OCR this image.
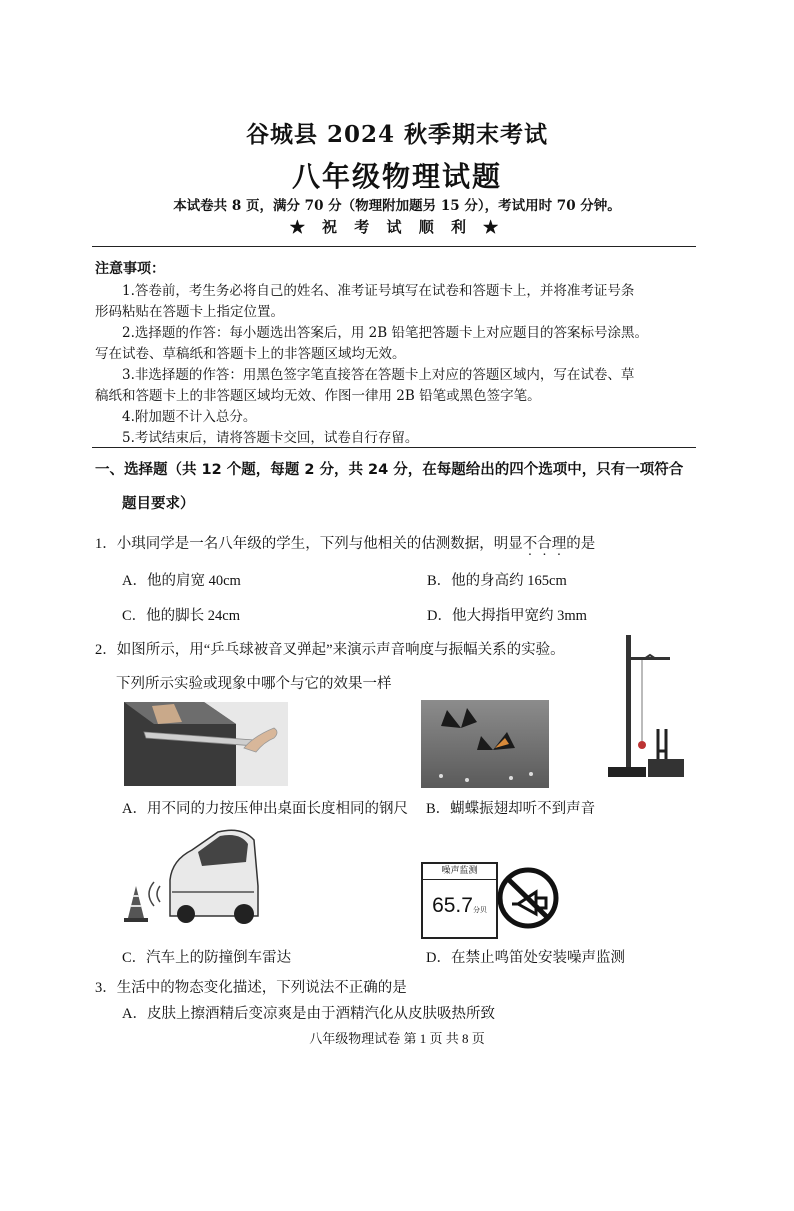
谷城县 2024 秋季期末考试
八年级物理试题
本试卷共 8 页，满分 70 分（物理附加题另 15 分），考试用时 70 分钟。
★ 祝 考 试 顺 利 ★
注意事项：

1.答卷前，考生务必将自己的姓名、准考证号填写在试卷和答题卡上，并将准考证号条

形码粘贴在答题卡上指定位置。

2.选择题的作答：每小题选出答案后，用 2B 铅笔把答题卡上对应题目的答案标号涂黑。

写在试卷、草稿纸和答题卡上的非答题区域均无效。

3.非选择题的作答：用黑色签字笔直接答在答题卡上对应的答题区域内，写在试卷、草

稿纸和答题卡上的非答题区域均无效、作图一律用 2B 铅笔或黑色签字笔。

4.附加题不计入总分。

5.考试结束后，请将答题卡交回，试卷自行存留。

一、选择题（共 12 个题，每题 2 分，共 24 分，在每题给出的四个选项中，只有一项符合
题目要求）
1．小琪同学是一名八年级的学生，下列与他相关的估测数据，明显不合理的是
A．他的肩宽 40cm	B．他的身高约 165cm
C．他的脚长 24cm	D．他大拇指甲宽约 3mm
2．如图所示，用“乒乓球被音叉弹起”来演示声音响度与振幅关系的实验。
下列所示实验或现象中哪个与它的效果一样
A．用不同的力按压伸出桌面长度相同的钢尺 B．蝴蝶振翅却听不到声音
噪声监测
65.7分贝
C．汽车上的防撞倒车雷达	D．在禁止鸣笛处安装噪声监测
3．生活中的物态变化描述，下列说法不正确的是
A．皮肤上擦酒精后变凉爽是由于酒精汽化从皮肤吸热所致
八年级物理试卷 第 1 页 共 8 页
